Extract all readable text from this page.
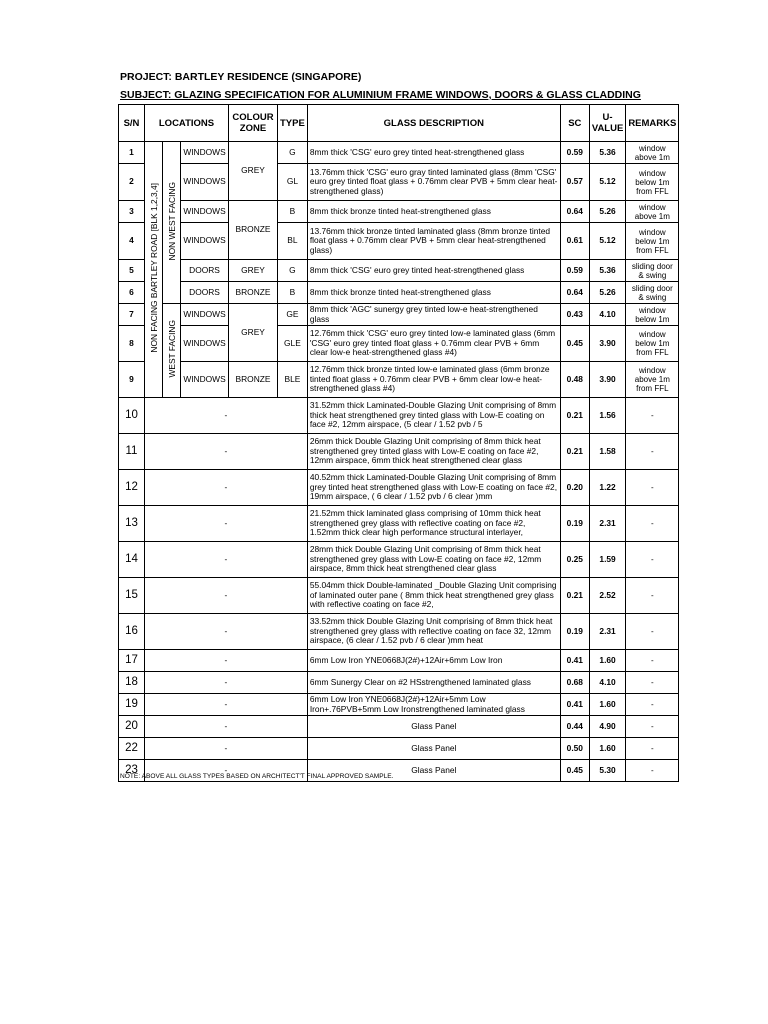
PROJECT: BARTLEY RESIDENCE (SINGAPORE)
SUBJECT: GLAZING SPECIFICATION FOR ALUMINIUM FRAME WINDOWS, DOORS & GLASS CLADDING
S/N	LOCATIONS			COLOUR
ZONE	TYPE	GLASS DESCRIPTION	SC	U-
VALUE	REMARKS
1	NON FACING BARTLEY ROAD [BLK 1,2,3,4]	NON WEST FACING	WINDOWS	GREY	G	8mm thick 'CSG' euro grey tinted heat-strengthened glass	0.59	5.36	window above 1m
2			WINDOWS		GL	13.76mm thick 'CSG' euro gray tinted laminated glass (8mm 'CSG' euro grey tinted float glass + 0.76mm clear PVB + 5mm clear heat-strengthened glass)	0.57	5.12	window below 1m from FFL
3			WINDOWS	BRONZE	B	8mm thick bronze tinted heat-strengthened glass	0.64	5.26	window above 1m
4			WINDOWS		BL	13.76mm thick bronze tinted laminated glass (8mm bronze tinted float glass + 0.76mm clear PVB + 5mm clear heat-strengthened glass)	0.61	5.12	window below 1m from FFL
5			DOORS	GREY	G	8mm thick 'CSG' euro grey tinted heat-strengthened glass	0.59	5.36	sliding door & swing
6			DOORS	BRONZE	B	8mm thick bronze tinted heat-strengthened glass	0.64	5.26	sliding door & swing
7		WEST FACING	WINDOWS	GREY	GE	8mm thick 'AGC' sunergy grey tinted low-e heat-strengthened glass	0.43	4.10	window below 1m
8			WINDOWS		GLE	12.76mm thick 'CSG' euro grey tinted low-e laminated glass (6mm 'CSG' euro grey tinted float glass + 0.76mm clear PVB + 6mm clear low-e heat-strengthened glass #4)	0.45	3.90	window below 1m from FFL
9			WINDOWS	BRONZE	BLE	12.76mm thick bronze tinted low-e laminated glass (6mm bronze tinted float glass + 0.76mm clear PVB + 6mm clear low-e heat-strengthened glass #4)	0.48	3.90	window above 1m from FFL
10	-					31.52mm thick Laminated-Double Glazing Unit comprising of 8mm thick heat strengthened grey tinted glass with Low-E coating on face #2, 12mm airspace, (5 clear / 1.52 pvb / 5	0.21	1.56	-
11	-					26mm thick Double Glazing Unit comprising of 8mm thick heat strengthened grey tinted glass with Low-E coating on face #2, 12mm airspace, 6mm thick heat strengthened clear glass	0.21	1.58	-
12	-					40.52mm thick Laminated-Double Glazing Unit comprising of 8mm grey tinted heat strengthened glass with Low-E coating on face #2, 19mm airspace, ( 6 clear / 1.52 pvb / 6 clear )mm	0.20	1.22	-
13	-					21.52mm thick laminated glass comprising of 10mm thick heat strengthened grey glass with reflective coating on face #2, 1.52mm thick clear high performance structural interlayer,	0.19	2.31	-
14	-					28mm thick Double Glazing Unit comprising of 8mm thick heat strengthened grey glass with Low-E coating on face #2, 12mm airspace, 8mm thick heat strengthened clear glass	0.25	1.59	-
15	-					55.04mm thick Double-laminated _Double Glazing Unit comprising of laminated outer pane ( 8mm thick heat strengthened grey glass with reflective coating on face #2,	0.21	2.52	-
16	-					33.52mm thick Double Glazing Unit comprising of 8mm thick heat strengthened grey glass with reflective coating on face 32, 12mm airspace, (6 clear / 1.52 pvb / 6 clear )mm heat	0.19	2.31	-
17	-					6mm Low Iron YNE0668J(2#)+12Air+6mm Low Iron	0.41	1.60	-
18	-					6mm Sunergy Clear on #2 HSstrengthened laminated glass	0.68	4.10	-
19	-					6mm Low Iron YNE0668J(2#)+12Air+5mm Low Iron+.76PVB+5mm Low Ironstrengthened laminated glass	0.41	1.60	-
20	-					Glass Panel	0.44	4.90	-
22	-					Glass Panel	0.50	1.60	-
23	-					Glass Panel	0.45	5.30	-
NOTE: ABOVE ALL GLASS TYPES BASED ON ARCHITECT'T FINAL APPROVED SAMPLE.
